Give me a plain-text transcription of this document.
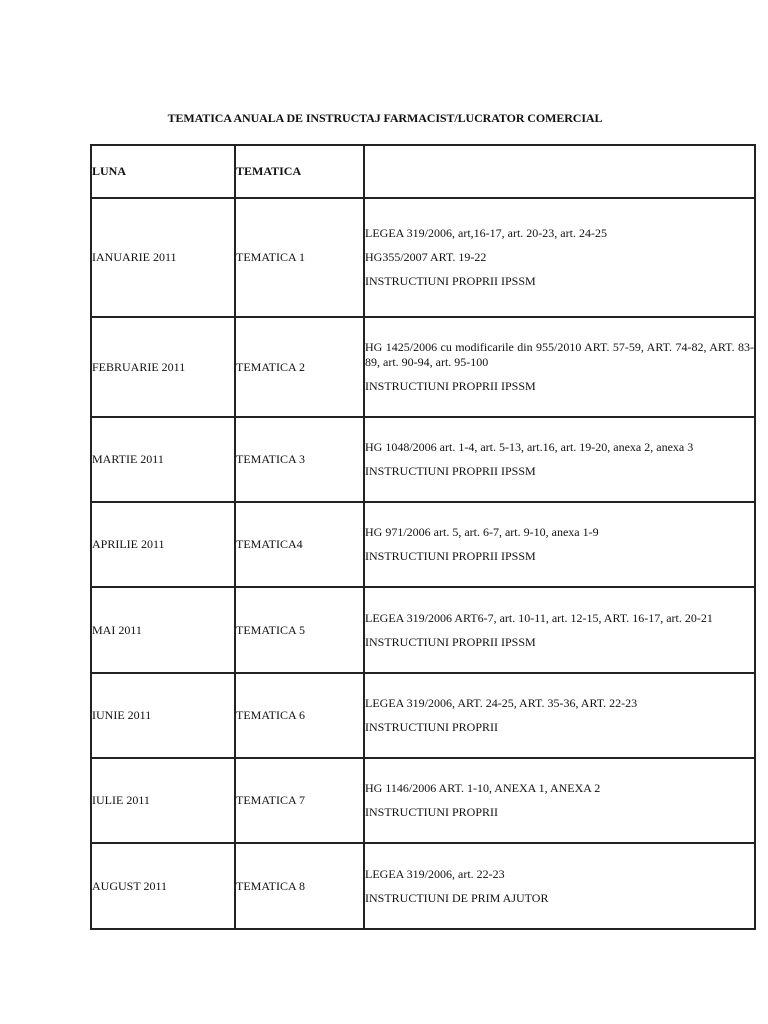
TEMATICA ANUALA DE INSTRUCTAJ FARMACIST/LUCRATOR COMERCIAL
LUNA	TEMATICA	
IANUARIE 2011	TEMATICA 1	LEGEA 319/2006, art,16-17, art. 20-23, art. 24-25
HG355/2007 ART. 19-22
INSTRUCTIUNI PROPRII IPSSM

FEBRUARIE 2011	TEMATICA 2	HG 1425/2006 cu modificarile din 955/2010 ART. 57-59, ART. 74-82, ART. 83-89, art. 90-94, art. 95-100
INSTRUCTIUNI PROPRII IPSSM

MARTIE 2011	TEMATICA 3	HG 1048/2006 art. 1-4, art. 5-13, art.16, art. 19-20, anexa 2, anexa 3
INSTRUCTIUNI PROPRII IPSSM

APRILIE 2011	TEMATICA4	HG 971/2006 art. 5, art. 6-7, art. 9-10, anexa 1-9
INSTRUCTIUNI PROPRII IPSSM

MAI 2011	TEMATICA 5	LEGEA 319/2006 ART6-7, art. 10-11, art. 12-15, ART. 16-17, art. 20-21
INSTRUCTIUNI PROPRII IPSSM

IUNIE 2011	TEMATICA 6	LEGEA 319/2006, ART. 24-25, ART. 35-36, ART. 22-23
INSTRUCTIUNI PROPRII

IULIE 2011	TEMATICA 7	HG 1146/2006 ART. 1-10, ANEXA 1, ANEXA 2
INSTRUCTIUNI PROPRII

AUGUST 2011	TEMATICA 8	LEGEA 319/2006, art. 22-23
INSTRUCTIUNI DE PRIM AJUTOR
